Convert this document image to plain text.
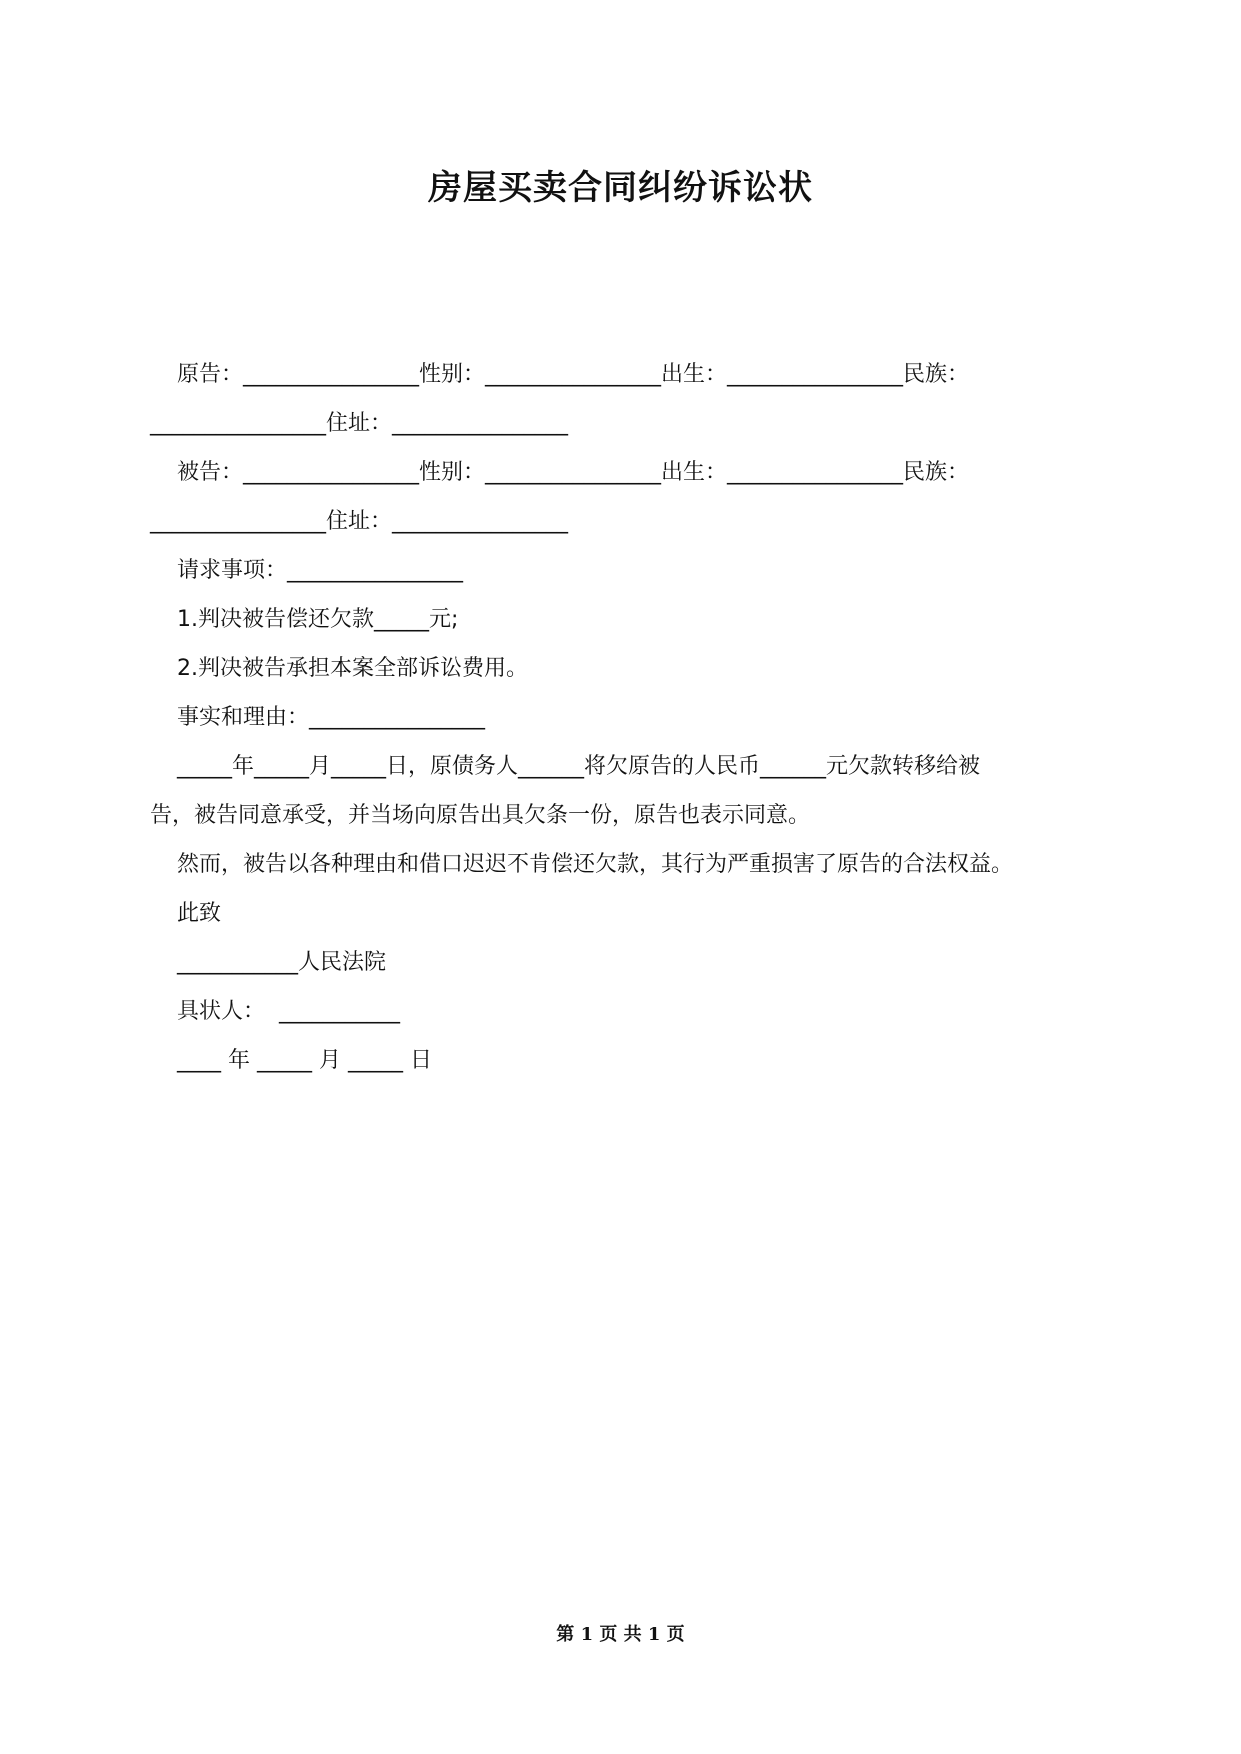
房屋买卖合同纠纷诉讼状
原告：________________性别：________________出生：________________民族：
________________住址：________________
被告：________________性别：________________出生：________________民族：
________________住址：________________
请求事项：________________
1.判决被告偿还欠款_____元;
2.判决被告承担本案全部诉讼费用。
事实和理由：________________
_____年_____月_____日，原债务人______将欠原告的人民币______元欠款转移给被
告，被告同意承受，并当场向原告出具欠条一份，原告也表示同意。
然而，被告以各种理由和借口迟迟不肯偿还欠款，其行为严重损害了原告的合法权益。
此致
___________人民法院
具状人：  ___________
____ 年 _____ 月 _____ 日
第 1 页 共 1 页
